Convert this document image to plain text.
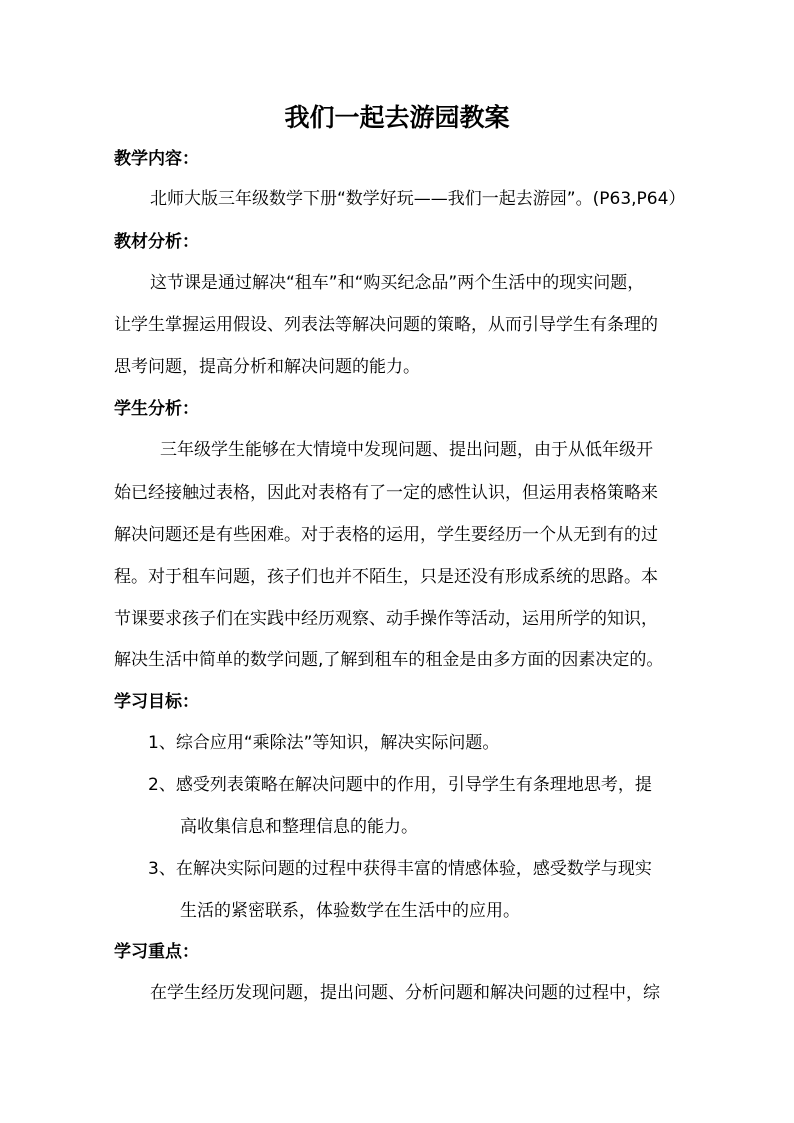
我们一起去游园教案
教学内容：
北师大版三年级数学下册“数学好玩——我们一起去游园”。(P63,P64）
教材分析：
这节课是通过解决“租车”和“购买纪念品”两个生活中的现实问题，
让学生掌握运用假设、列表法等解决问题的策略，从而引导学生有条理的
思考问题，提高分析和解决问题的能力。
学生分析：
三年级学生能够在大情境中发现问题、提出问题，由于从低年级开
始已经接触过表格，因此对表格有了一定的感性认识，但运用表格策略来
解决问题还是有些困难。对于表格的运用，学生要经历一个从无到有的过
程。对于租车问题，孩子们也并不陌生，只是还没有形成系统的思路。本
节课要求孩子们在实践中经历观察、动手操作等活动，运用所学的知识，
解决生活中简单的数学问题,了解到租车的租金是由多方面的因素决定的。
学习目标：
1、综合应用“乘除法”等知识，解决实际问题。
2、感受列表策略在解决问题中的作用，引导学生有条理地思考，提
高收集信息和整理信息的能力。
3、在解决实际问题的过程中获得丰富的情感体验，感受数学与现实
生活的紧密联系，体验数学在生活中的应用。
学习重点：
在学生经历发现问题，提出问题、分析问题和解决问题的过程中，综
